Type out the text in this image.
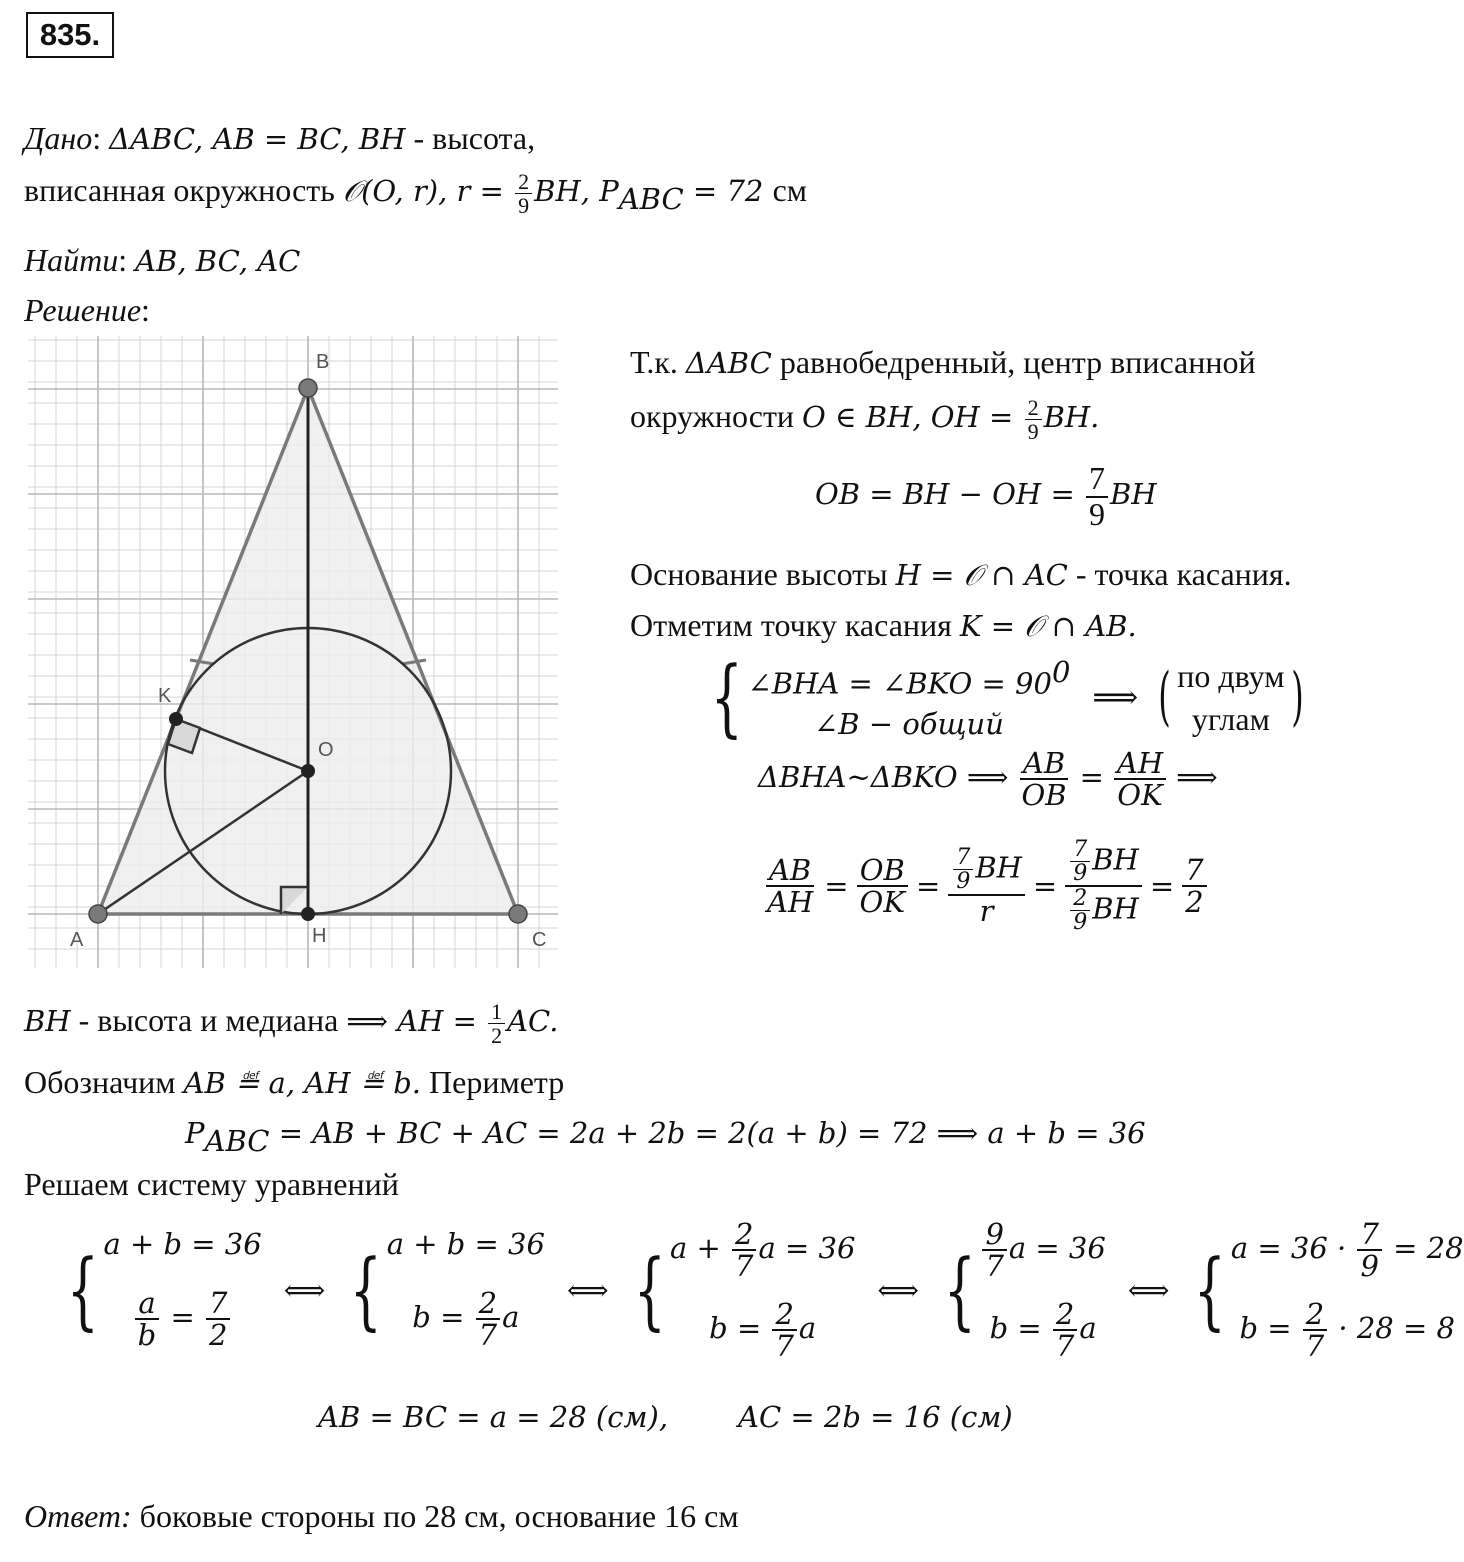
835.
Дано: ΔABC, AB = BC, BH - высота,
вписанная окружность 𝒪(O, r), $r = \frac{2}{9}$ BH, $P_{ABC} = 72$ см
Найти: AB, BC, AC
Решение:
B
K
O
A	H	C
Т.к. ΔABC равнобедренный, центр вписанной
окружности O ∈ BH, OH = $\frac{2}{9}$ BH.
OB = BH − OH = $\frac{7}{9}$ BH
Основание высоты H = 𝒪 ∩ AC - точка касания.
Отметим точку касания K = 𝒪 ∩ AB.
{ ∠BHA = ∠BKO = $90^0$
∠B − общий
⟹ ( по двум
углам )
ΔBHA~ΔBKO ⟹ $\frac{AB}{OB} = \frac{AH}{OK}$ ⟹
$\frac{AB}{AH} = \frac{OB}{OK} = \frac{\frac{7}{9} BH}{r} = \frac{\frac{7}{9} BH}{\frac{2}{9} BH} = \frac{7}{2}$
BH - высота и медиана ⟹ AH = $\frac{1}{2}$ AC.
Обозначим AB ≝ a, AH ≝ b. Периметр
$P_{ABC}$ = AB + BC + AC = 2a + 2b = 2(a + b) = 72 ⟹ a + b = 36
Решаем систему уравнений
{ a + b = 36
$\frac{a}{b} = \frac{7}{2}$ ⟺ { a + b = 36
$b = \frac{2}{7}$ a
⟺ { $a + \frac{2}{7}$ a = 36
$b = \frac{2}{7}$ a
⟺ { $\frac{9}{7}$ a = 36
$b = \frac{2}{7}$ a
⟺ { $a = 36 \cdot \frac{7}{9} = 28$
$b = \frac{2}{7} \cdot 28 = 8$
AB = BC = a = 28 (см), AC = 2b = 16 (см)
Ответ: боковые стороны по 28 см, основание 16 см
